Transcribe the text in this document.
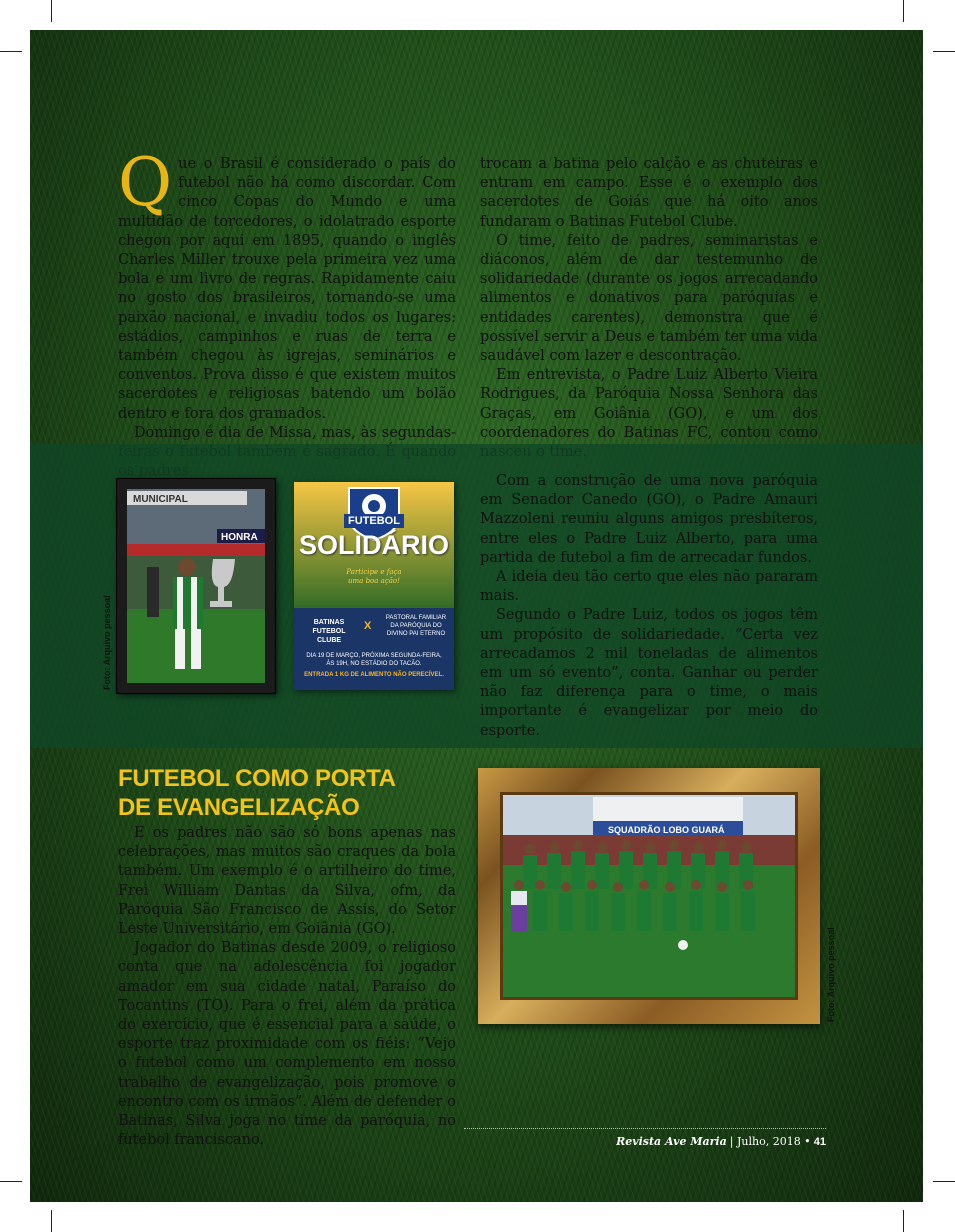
Q ue o Brasil é considerado o país do futebol não há como discordar. Com cinco Copas do Mundo e uma multidão de torcedores, o idolatrado esporte chegou por aqui em 1895, quando o inglês Charles Miller trouxe pela primeira vez uma bola e um livro de regras. Rapidamente caiu no gosto dos brasileiros, tornando-se uma paixão nacional, e invadiu todos os lugares: estádios, campinhos e ruas de terra e também chegou às igrejas, seminários e conventos. Prova disso é que existem muitos sacerdotes e religiosas batendo um bolão dentro e fora dos gramados.

Domingo é dia de Missa, mas, às segundas-

trocam a batina pelo calção e as chuteiras e entram em campo. Esse é o exemplo dos sacerdotes de Goiás que há oito anos fundaram o Batinas Futebol Clube.

O time, feito de padres, seminaristas e diáconos, além de dar testemunho de solidariedade (durante os jogos arrecadando alimentos e donativos para paróquias e entidades carentes), demonstra que é possível servir a Deus e também ter uma vida saudável com lazer e descontração.

Em entrevista, o Padre Luiz Alberto Vieira Rodrigues, da Paróquia Nossa Senhora das Graças, em Goiânia (GO), e um dos coordenadores do Batinas FC, contou como

MUNICIPAL
HONRA
Foto: Arquivo pessoal
FUTEBOL
SOLIDÁRIO
Participe e faça uma boa ação!
BATINAS FUTEBOL CLUBE
X
PASTORAL FAMILIAR DA PARÓQUIA DO DIVINO PAI ETERNO
DIA 19 DE MARÇO, PRÓXIMA SEGUNDA-FEIRA, ÀS 19H, NO ESTÁDIO DO TACÃO.
ENTRADA 1 KG DE ALIMENTO NÃO PERECÍVEL.

Com a construção de uma nova paróquia em Senador Canedo (GO), o Padre Amauri Mazzoleni reuniu alguns amigos presbíteros, entre eles o Padre Luiz Alberto, para uma partida de futebol a fim de arrecadar fundos.

A ideia deu tão certo que eles não pararam mais.

Segundo o Padre Luiz, todos os jogos têm um propósito de solidariedade. “Certa vez arrecadamos 2 mil toneladas de alimentos em um só evento”, conta. Ganhar ou perder não faz diferença para o time, o mais importante é evangelizar por meio do esporte.

FUTEBOL COMO PORTA DE EVANGELIZAÇÃO

E os padres não são só bons apenas nas celebrações, mas muitos são craques da bola também. Um exemplo é o artilheiro do time, Frei William Dantas da Silva, ofm, da Paróquia São Francisco de Assis, do Setor Leste Universitário, em Goiânia (GO).

Jogador do Batinas desde 2009, o religioso conta que na adolescência foi jogador amador em sua cidade natal, Paraíso do Tocantins (TO). Para o frei, além da prática do exercício, que é essencial para a saúde, o esporte traz proximidade com os fiéis: “Vejo o futebol como um complemento em nosso trabalho de evangelização, pois promove o encontro com os irmãos”. Além de defender o Batinas, Silva joga no time da paróquia, no futebol franciscano.

SQUADRÃO LOBO GUARÁ
Foto: Arquivo pessoal
Revista Ave Maria | Julho, 2018 • 41
